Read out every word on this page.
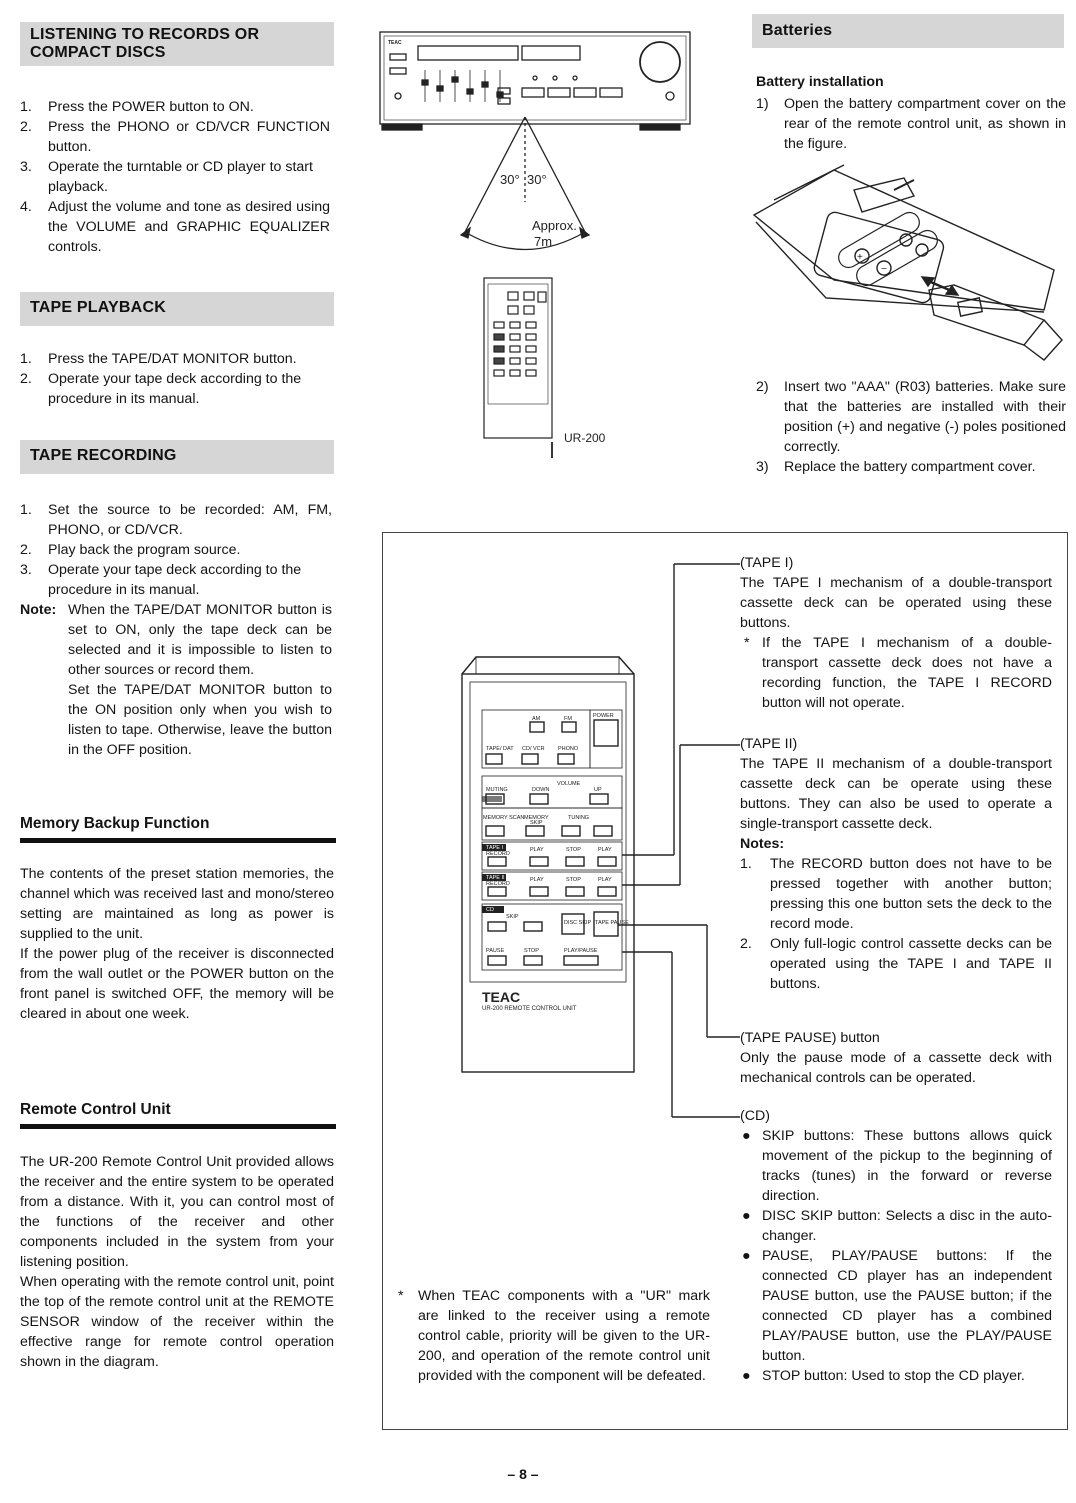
LISTENING TO RECORDS OR
COMPACT DISCS
1. Press the POWER button to ON.
2. Press the PHONO or CD/VCR FUNCTION button.
3. Operate the turntable or CD player to start playback.
4. Adjust the volume and tone as desired using the VOLUME and GRAPHIC EQUALIZER controls.
TAPE PLAYBACK
1. Press the TAPE/DAT MONITOR button.
2. Operate your tape deck according to the procedure in its manual.
TAPE RECORDING
1. Set the source to be recorded: AM, FM, PHONO, or CD/VCR.
2. Play back the program source.
3. Operate your tape deck according to the procedure in its manual.
Note: When the TAPE/DAT MONITOR button is set to ON, only the tape deck can be selected and it is impossible to listen to other sources or record them.
Set the TAPE/DAT MONITOR button to the ON position only when you wish to listen to tape. Otherwise, leave the button in the OFF position.
Memory Backup Function
The contents of the preset station memories, the channel which was received last and mono/stereo setting are maintained as long as power is supplied to the unit.
If the power plug of the receiver is disconnected from the wall outlet or the POWER button on the front panel is switched OFF, the memory will be cleared in about one week.
Remote Control Unit
The UR-200 Remote Control Unit provided allows the receiver and the entire system to be operated from a distance. With it, you can control most of the functions of the receiver and other components included in the system from your listening position.
When operating with the remote control unit, point the top of the remote control unit at the REMOTE SENSOR window of the receiver within the effective range for remote control operation shown in the diagram.
TEAC
30° 30°
Approx.
7m
UR-200
Batteries
Battery installation
1) Open the battery compartment cover on the rear of the remote control unit, as shown in the figure.
+
−
2) Insert two "AAA" (R03) batteries. Make sure that the batteries are installed with their position (+) and negative (-) poles positioned correctly.
3) Replace the battery compartment cover.
AM	FM	POWER
TAPE/ DAT CD/ VCR PHONO
VOLUME
DOWN	UP
MUTING
MEMORY SCAN MEMORY
SKIP
TUNING
TAPE I
RECORD
PLAY	STOP	PLAY
TAPE II
RECORD
PLAY	STOP	PLAY
CD
SKIP
DISC SKIP TAPE PAUSE
PAUSE	STOP	PLAY/PAUSE
UR-200 REMOTE CONTROL UNIT
TEAC
* When TEAC components with a "UR" mark are linked to the receiver using a remote control cable, priority will be given to the UR-200, and operation of the remote control unit provided with the component will be defeated.
(TAPE I)
The TAPE I mechanism of a double-transport cassette deck can be operated using these buttons.
* If the TAPE I mechanism of a double-transport cassette deck does not have a recording function, the TAPE I RECORD button will not operate.
(TAPE II)
The TAPE II mechanism of a double-transport cassette deck can be operate using these buttons. They can also be used to operate a single-transport cassette deck.
Notes:
1. The RECORD button does not have to be pressed together with another button; pressing this one button sets the deck to the record mode.
2. Only full-logic control cassette decks can be operated using the TAPE I and TAPE II buttons.
(TAPE PAUSE) button
Only the pause mode of a cassette deck with mechanical controls can be operated.
(CD)
● SKIP buttons: These buttons allows quick movement of the pickup to the beginning of tracks (tunes) in the forward or reverse direction.
● DISC SKIP button: Selects a disc in the auto-changer.
● PAUSE, PLAY/PAUSE buttons: If the connected CD player has an independent PAUSE button, use the PAUSE button; if the connected CD player has a combined PLAY/PAUSE button, use the PLAY/PAUSE button.
● STOP button: Used to stop the CD player.
– 8 –
